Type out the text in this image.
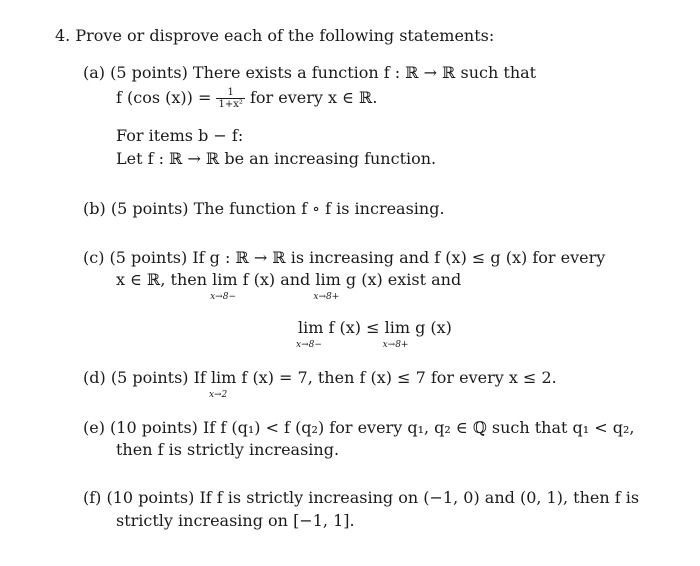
4. Prove or disprove each of the following statements:
(a) (5 points) There exists a function f : ℝ → ℝ such that
f (cos $(x)) = \frac{1}{\text{1+x²}}$ for every x ∈ ℝ.
For items b − f:
Let f : ℝ → ℝ be an increasing function.
(b) (5 points) The function f ∘ f is increasing.
(c) (5 points) If g : ℝ → ℝ is increasing and f (x) ≤ g (x) for every
x ∈ ℝ, then lim
x→8−
f (x) and lim
x→8+
g (x) exist and
lim
x→8−
f (x) ≤ lim
x→8+
g (x)
(d) (5 points) If lim
x→2
f (x) = 7, then f (x) ≤ 7 for every x ≤ 2.
(e) (10 points) If f (q₁) < f (q₂) for every q₁, q₂ ∈ ℚ such that q₁ < q₂,
then f is strictly increasing.
(f) (10 points) If f is strictly increasing on (−1, 0) and (0, 1), then f is
strictly increasing on [−1, 1].
